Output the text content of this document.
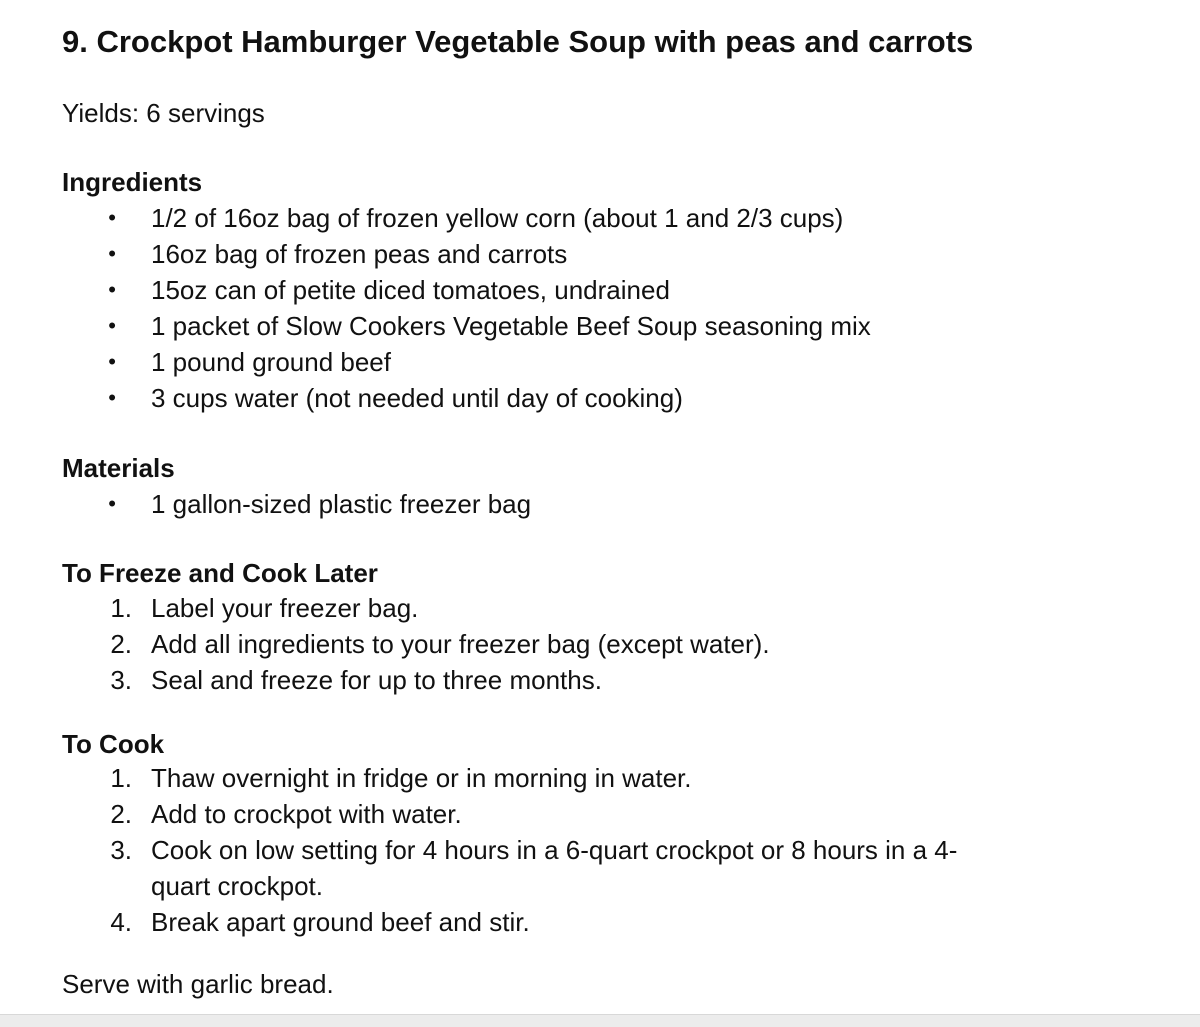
9. Crockpot Hamburger Vegetable Soup with peas and carrots
Yields: 6 servings
Ingredients
• 1/2 of 16oz bag of frozen yellow corn (about 1 and 2/3 cups)
• 16oz bag of frozen peas and carrots
• 15oz can of petite diced tomatoes, undrained
• 1 packet of Slow Cookers Vegetable Beef Soup seasoning mix
• 1 pound ground beef
• 3 cups water (not needed until day of cooking)
Materials
• 1 gallon-sized plastic freezer bag
To Freeze and Cook Later
1. Label your freezer bag.
2. Add all ingredients to your freezer bag (except water).
3. Seal and freeze for up to three months.
To Cook
1. Thaw overnight in fridge or in morning in water.
2. Add to crockpot with water.
3. Cook on low setting for 4 hours in a 6-quart crockpot or 8 hours in a 4-
quart crockpot.
4. Break apart ground beef and stir.
Serve with garlic bread.
